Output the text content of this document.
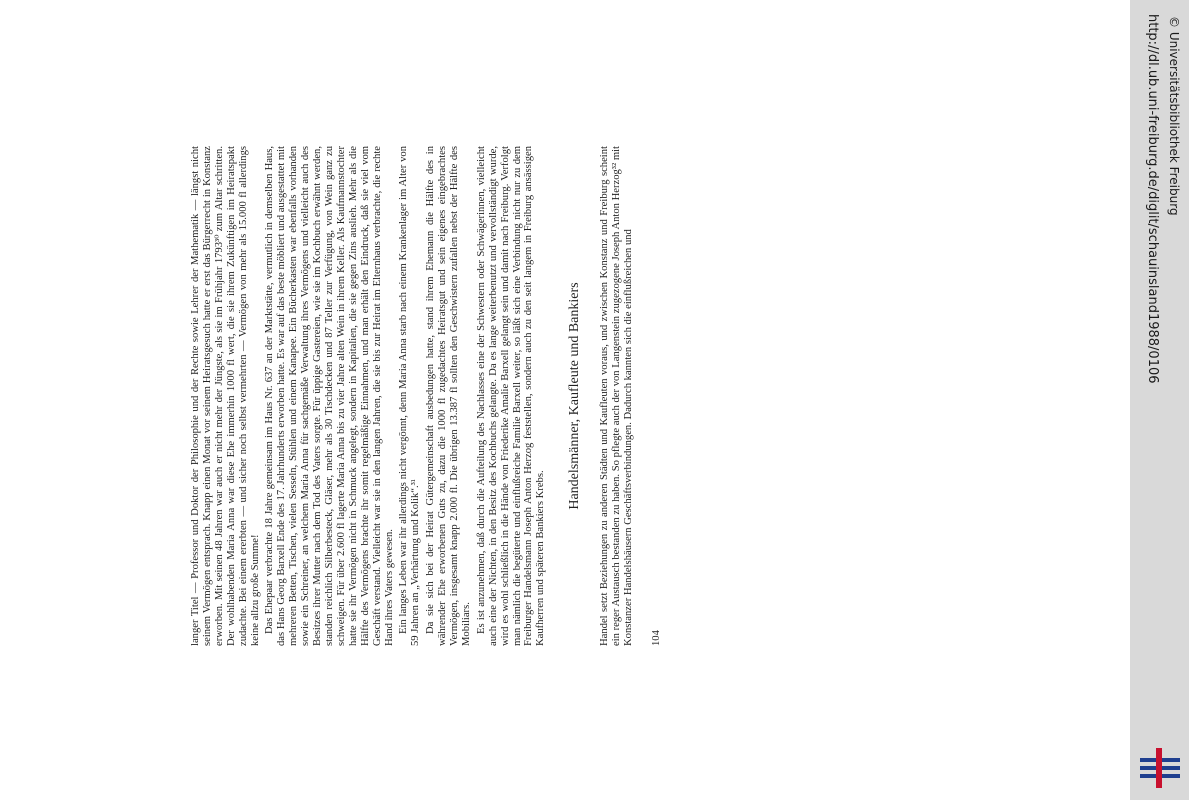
langer Titel — Professor und Doktor der Philosophie und der Rechte sowie Lehrer der Mathematik — längst nicht seinem Vermögen entsprach. Knapp einen Monat vor seinem Heiratsgesuch hatte er erst das Bürgerrecht in Konstanz erworben. Mit seinen 48 Jahren war auch er nicht mehr der Jüngste, als sie im Frühjahr 1793³⁰ zum Altar schritten. Der wohlhabenden Maria Anna war diese Ehe immerhin 1000 fl wert, die sie ihrem Zukünftigen im Heiratspakt zudachte. Bei einem ererbten — und sicher noch selbst vermehrten — Vermögen von mehr als 15.000 fl allerdings keine allzu große Summe! Das Ehepaar verbrachte 18 Jahre gemeinsam im Haus Nr. 637 an der Marktstätte, vermutlich in demselben Haus, das Hans Georg Barxell Ende des 17. Jahrhunderts erworben hatte. Es war auf das beste möbliert und ausgestattet mit mehreren Betten, Tischen, vielen Sesseln, Stühlen und einem Kanapee. Ein Bücherkasten war ebenfalls vorhanden sowie ein Schreiner, an welchem Maria Anna für sachgemäße Verwaltung ihres Vermögens und vielleicht auch des Besitzes ihrer Mutter nach dem Tod des Vaters sorgte. Für üppige Gastereien, wie sie im Kochbuch erwähnt werden, standen reichlich Silberbesteck, Gläser, mehr als 30 Tischdecken und 87 Teller zur Verfügung, von Wein ganz zu schweigen. Für über 2.600 fl lagerte Maria Anna bis zu vier Jahre alten Wein in ihrem Keller. Als Kaufmannstochter hatte sie ihr Vermögen nicht in Schmuck angelegt, sondern in Kapitalien, die sie gegen Zins auslieh. Mehr als die Hälfte des Vermögens brachte ihr somit regelmäßige Einnahmen, und man erhält den Eindruck, daß sie viel vom Geschäft verstand. Vielleicht war sie in den langen Jahren, die sie bis zur Heirat im Elternhaus verbrachte, die rechte Hand ihres Vaters gewesen. Ein langes Leben war ihr allerdings nicht vergönnt, denn Maria Anna starb nach einem Krankenlager im Alter von 59 Jahren an „Verhärtung und Kolik“.³¹ Da sie sich bei der Heirat Gütergemeinschaft ausbedungen hatte, stand ihrem Ehemann die Hälfte des in währender Ehe erworbenen Guts zu, dazu die 1000 fl zugedachtes Heiratsgut und sein eigenes eingebrachtes Vermögen, insgesamt knapp 2.000 fl. Die übrigen 13.387 fl sollten den Geschwistern zufallen nebst der Hälfte des Mobiliars. Es ist anzunehmen, daß durch die Aufteilung des Nachlasses eine der Schwestern oder Schwägerinnen, vielleicht auch eine der Nichten, in den Besitz des Kochbuchs gelangte. Da es lange weiterbenutzt und vervollständigt wurde, wird es wohl schließlich in die Hände von Friederike Amalie Barxell gelangt sein und damit nach Freiburg. Verfolgt man nämlich die begüterte und einflußreiche Familie Barxell weiter, so läßt sich eine Verbindung nicht nur zu dem Freiburger Handelsmann Joseph Anton Herzog feststellen, sondern auch zu den seit langem in Freiburg ansässigen Kaufherren und späteren Bankiers Krebs.

Handelsmänner, Kaufleute und Bankiers Handel setzt Beziehungen zu anderen Städten und Kaufleuten voraus, und zwischen Konstanz und Freiburg scheint ein reger Austausch bestanden zu haben. So pflegte auch der von Langenstein zugezogene Joseph Anton Herzog³² mit Konstanzer Handelshäusern Geschäftsverbindungen. Dadurch kannten sich die einflußreichen und 104
http://dl.ub.uni-freiburg.de/diglit/schauinsland1988/0106 © Universitätsbibliothek Freiburg
